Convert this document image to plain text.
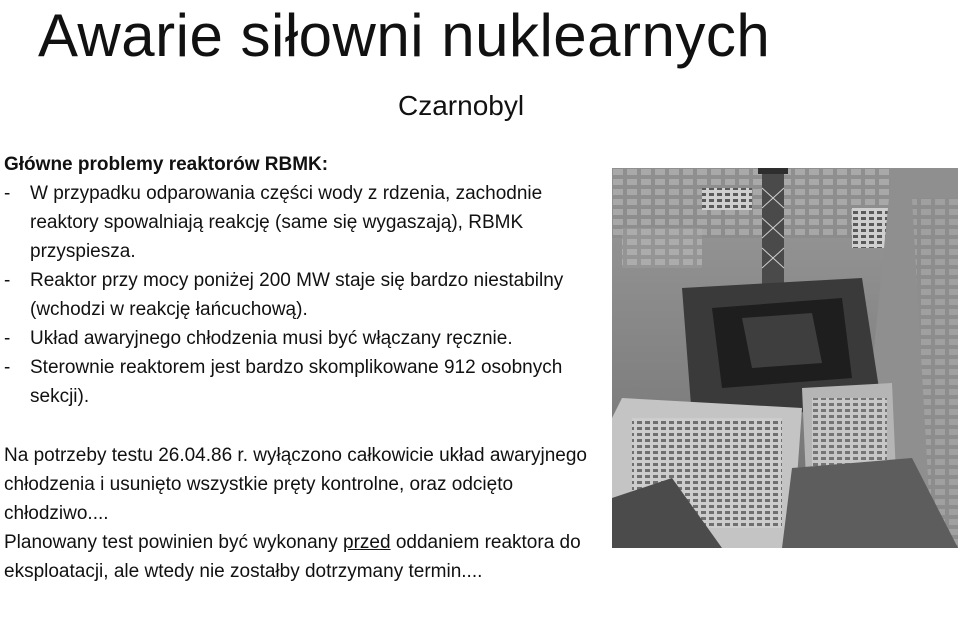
Awarie siłowni nuklearnych
Czarnobyl

Główne problemy reaktorów RBMK:

- W przypadku odparowania części wody z rdzenia, zachodnie reaktory spowalniają reakcję (same się wygaszają), RBMK przyspiesza.
- Reaktor przy mocy poniżej 200 MW staje się bardzo niestabilny (wchodzi w reakcję łańcuchową).
- Układ awaryjnego chłodzenia musi być włączany ręcznie.
- Sterownie reaktorem jest bardzo skomplikowane 912 osobnych sekcji).

Na potrzeby testu 26.04.86 r. wyłączono całkowicie układ awaryjnego chłodzenia i usunięto wszystkie pręty kontrolne, oraz odcięto chłodziwo....

Planowany test powinien być wykonany przed oddaniem reaktora do eksploatacji, ale wtedy nie zostałby dotrzymany termin....
